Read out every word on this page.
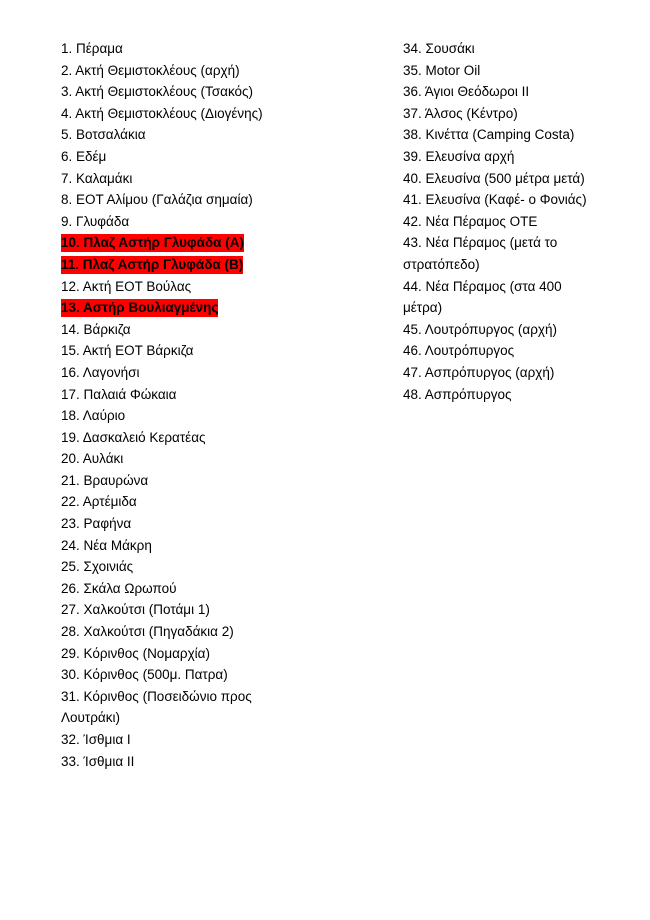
1. Πέραμα
2. Ακτή Θεμιστοκλέους (αρχή)
3. Ακτή Θεμιστοκλέους (Τσακός)
4. Ακτή Θεμιστοκλέους (Διογένης)
5. Βοτσαλάκια
6. Εδέμ
7. Καλαμάκι
8. ΕΟΤ Αλίμου (Γαλάζια σημαία)
9. Γλυφάδα
10. Πλαζ Αστήρ Γλυφάδα (Α)
11. Πλαζ Αστήρ Γλυφάδα (Β)
12. Ακτή ΕΟΤ Βούλας
13. Αστήρ Βουλιαγμένης
14. Βάρκιζα
15. Ακτή ΕΟΤ Βάρκιζα
16. Λαγονήσι
17. Παλαιά Φώκαια
18. Λαύριο
19. Δασκαλειό Κερατέας
20. Αυλάκι
21. Βραυρώνα
22. Αρτέμιδα
23. Ραφήνα
24. Νέα Μάκρη
25. Σχοινιάς
26. Σκάλα Ωρωπού
27. Χαλκούτσι (Ποτάμι 1)
28. Χαλκούτσι (Πηγαδάκια 2)
29. Κόρινθος (Νομαρχία)
30. Κόρινθος (500μ. Πατρα)
31. Κόρινθος (Ποσειδώνιο προς
Λουτράκι)
32. Ίσθμια Ι
33. Ίσθμια ΙΙ
34. Σουσάκι
35. Motor Oil
36. Άγιοι Θεόδωροι ΙΙ
37. Άλσος (Κέντρο)
38. Κινέττα (Camping Costa)
39. Ελευσίνα αρχή
40. Ελευσίνα (500 μέτρα μετά)
41. Ελευσίνα (Καφέ- ο Φονιάς)
42. Νέα Πέραμος ΟΤΕ
43. Νέα Πέραμος (μετά το
στρατόπεδο)
44. Νέα Πέραμος (στα 400
μέτρα)
45. Λουτρόπυργος (αρχή)
46. Λουτρόπυργος
47. Ασπρόπυργος (αρχή)
48. Ασπρόπυργος
